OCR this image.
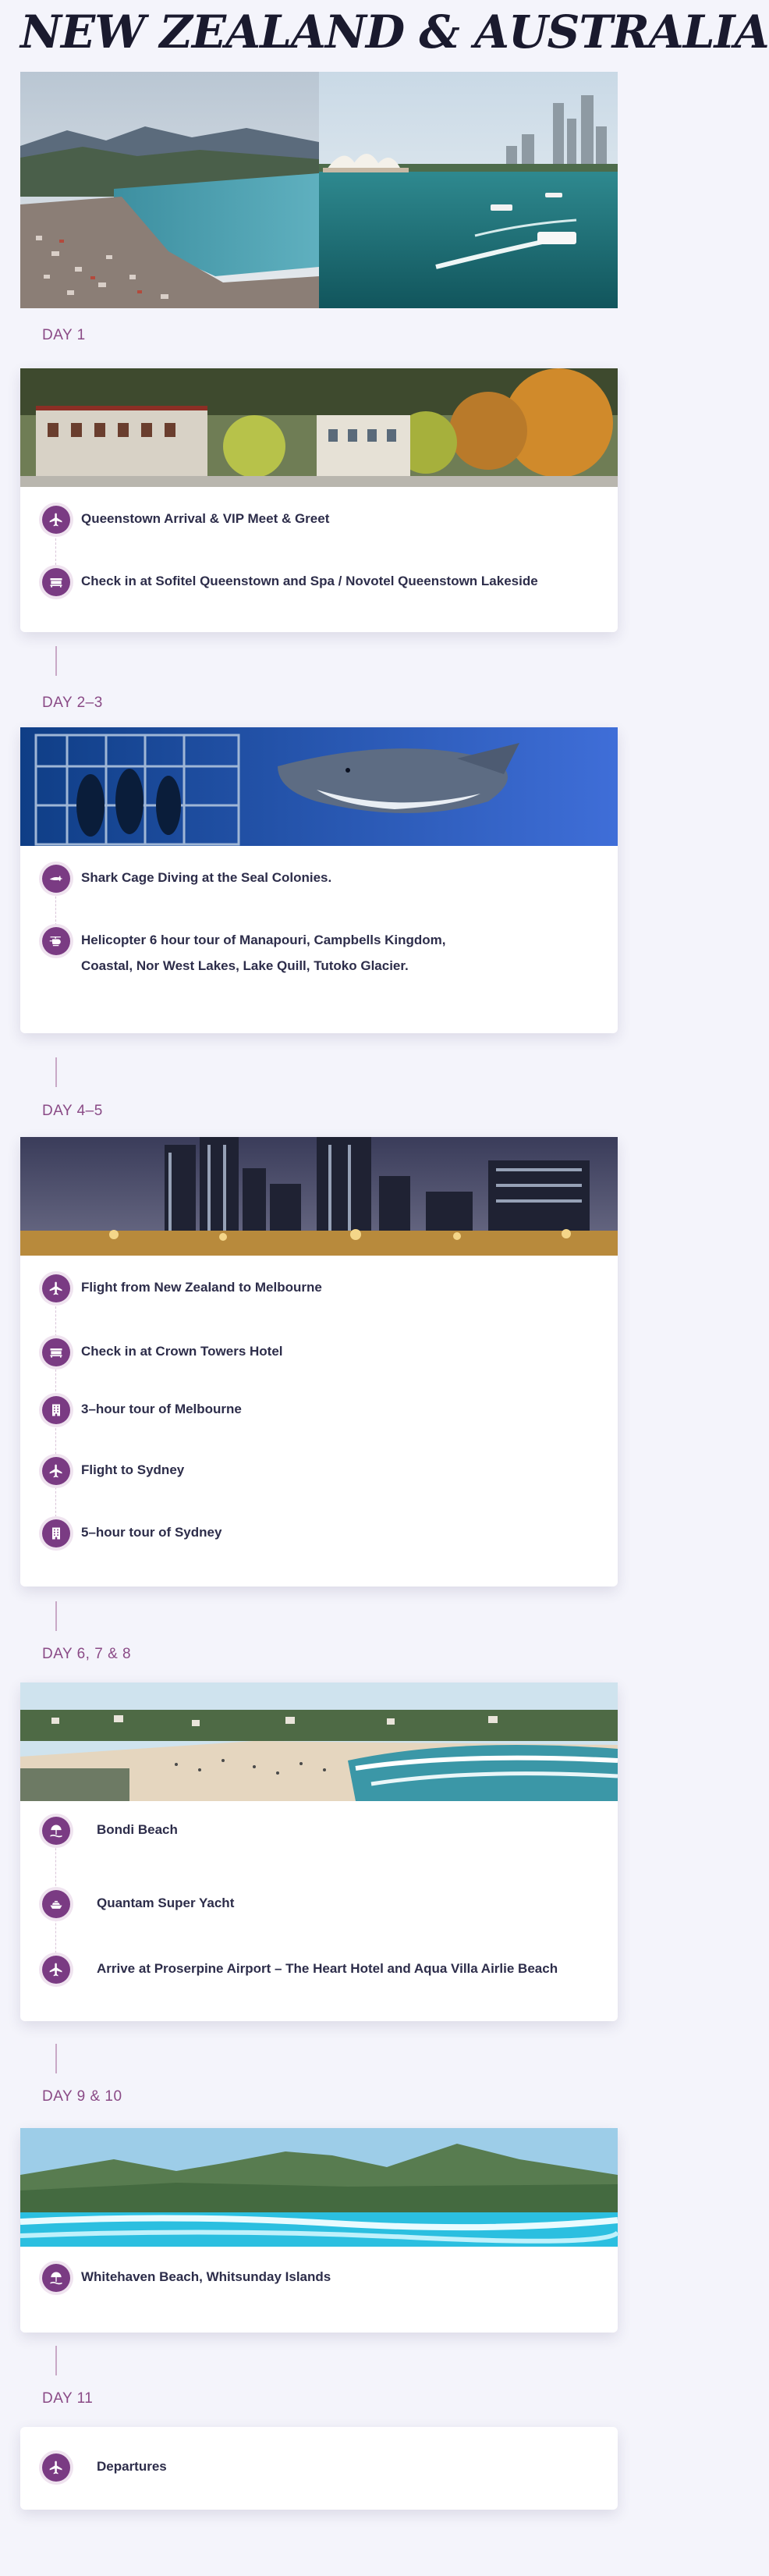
NEW ZEALAND & AUSTRALIA
DAY 1
Queenstown Arrival & VIP Meet & Greet
Check in at Sofitel Queenstown and Spa / Novotel Queenstown Lakeside
DAY 2–3
Shark Cage Diving at the Seal Colonies.
Helicopter 6 hour tour of Manapouri, Campbells Kingdom,
Coastal, Nor West Lakes, Lake Quill, Tutoko Glacier.
DAY 4–5
Flight from New Zealand to Melbourne
Check in at Crown Towers Hotel
3–hour tour of Melbourne
Flight to Sydney
5–hour tour of Sydney
DAY 6, 7 & 8
Bondi Beach
Quantam Super Yacht
Arrive at Proserpine Airport – The Heart Hotel and Aqua Villa Airlie Beach
DAY 9 & 10
Whitehaven Beach, Whitsunday Islands
DAY 11
Departures
